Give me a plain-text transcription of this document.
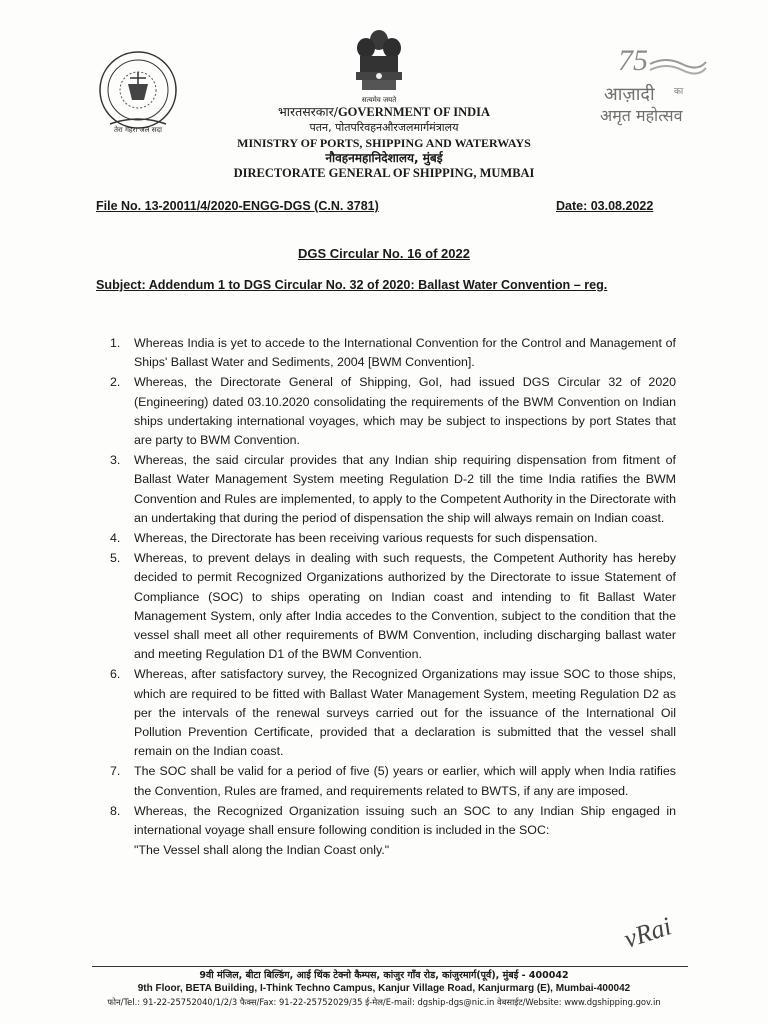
तेरा गहरा जल सदा
सत्यमेव जयते
75
आज़ादी का
अमृत महोत्सव
भारतसरकार/GOVERNMENT OF INDIA
पतन, पोतपरिवहनऔरजलमार्गमंत्रालय
MINISTRY OF PORTS, SHIPPING AND WATERWAYS
नौवहनमहानिदेशालय, मुंबई
DIRECTORATE GENERAL OF SHIPPING, MUMBAI
File No. 13-20011/4/2020-ENGG-DGS (C.N. 3781)	Date: 03.08.2022
DGS Circular No. 16 of 2022
Subject: Addendum 1 to DGS Circular No. 32 of 2020: Ballast Water Convention – reg.
1. Whereas India is yet to accede to the International Convention for the Control and Management of Ships' Ballast Water and Sediments, 2004 [BWM Convention].
2. Whereas, the Directorate General of Shipping, GoI, had issued DGS Circular 32 of 2020 (Engineering) dated 03.10.2020 consolidating the requirements of the BWM Convention on Indian ships undertaking international voyages, which may be subject to inspections by port States that are party to BWM Convention.
3. Whereas, the said circular provides that any Indian ship requiring dispensation from fitment of Ballast Water Management System meeting Regulation D-2 till the time India ratifies the BWM Convention and Rules are implemented, to apply to the Competent Authority in the Directorate with an undertaking that during the period of dispensation the ship will always remain on Indian coast.
4. Whereas, the Directorate has been receiving various requests for such dispensation.
5. Whereas, to prevent delays in dealing with such requests, the Competent Authority has hereby decided to permit Recognized Organizations authorized by the Directorate to issue Statement of Compliance (SOC) to ships operating on Indian coast and intending to fit Ballast Water Management System, only after India accedes to the Convention, subject to the condition that the vessel shall meet all other requirements of BWM Convention, including discharging ballast water and meeting Regulation D1 of the BWM Convention.
6. Whereas, after satisfactory survey, the Recognized Organizations may issue SOC to those ships, which are required to be fitted with Ballast Water Management System, meeting Regulation D2 as per the intervals of the renewal surveys carried out for the issuance of the International Oil Pollution Prevention Certificate, provided that a declaration is submitted that the vessel shall remain on the Indian coast.
7. The SOC shall be valid for a period of five (5) years or earlier, which will apply when India ratifies the Convention, Rules are framed, and requirements related to BWTS, if any are imposed.
8. Whereas, the Recognized Organization issuing such an SOC to any Indian Ship engaged in international voyage shall ensure following condition is included in the SOC:
"The Vessel shall along the Indian Coast only."
vRai
9वी मंजिल, बीटा बिल्डिंग, आई थिंक टेक्नो कैम्पस, कांजुर गाँव रोड, कांजुरमार्ग(पूर्व), मुंबई - 400042
9th Floor, BETA Building, I-Think Techno Campus, Kanjur Village Road, Kanjurmarg (E), Mumbai-400042
फोन/Tel.: 91-22-25752040/1/2/3 फैक्स/Fax: 91-22-25752029/35 ई-मेल/E-mail: dgship-dgs@nic.in वेबसाईट/Website: www.dgshipping.gov.in
